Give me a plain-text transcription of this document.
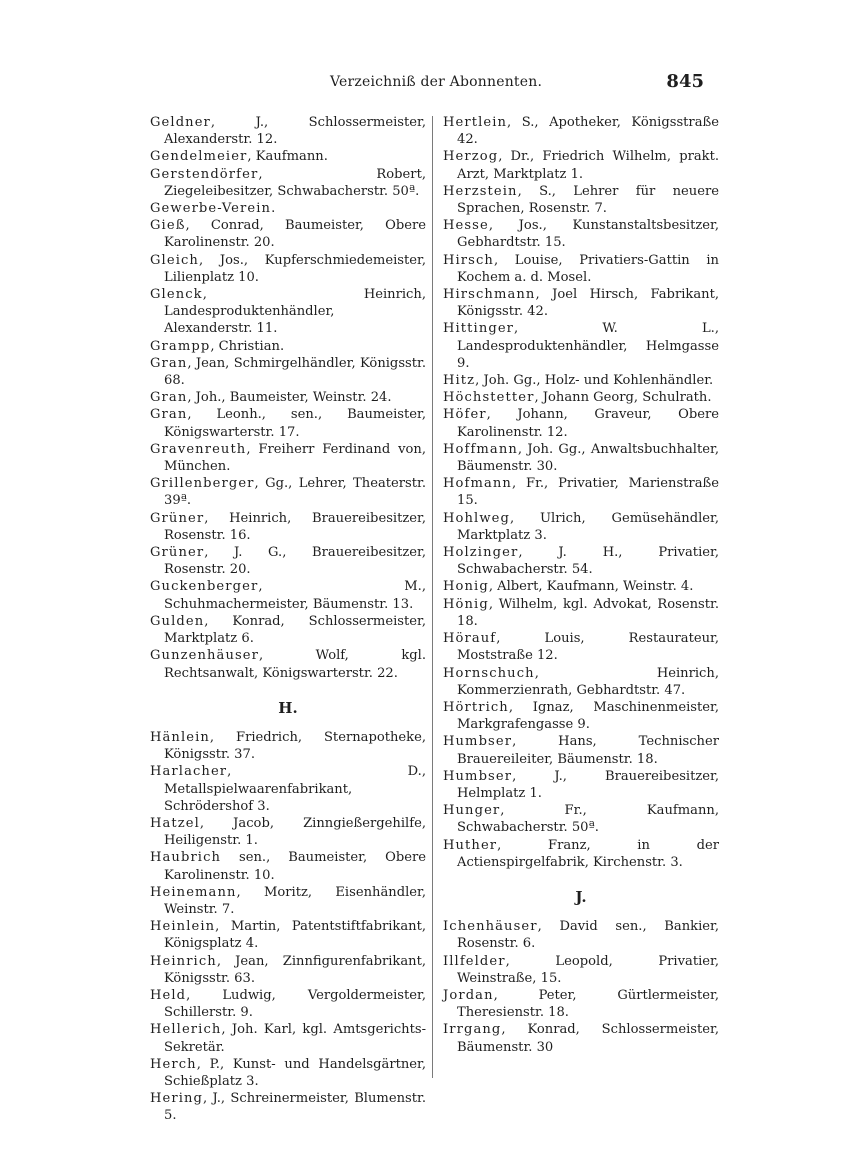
Verzeichniß der Abonnenten.	845

Geldner, J., Schlossermeister, Alexanderstr. 12.

Gendelmeier, Kaufmann.

Gerstendörfer, Robert, Ziegeleibesitzer, Schwabacherstr. 50ª.

Gewerbe-Verein.

Gieß, Conrad, Baumeister, Obere Karolinenstr. 20.

Gleich, Jos., Kupferschmiedemeister, Lilienplatz 10.

Glenck, Heinrich, Landesproduktenhändler, Alexanderstr. 11.

Grampp, Christian.

Gran, Jean, Schmirgelhändler, Königsstr. 68.

Gran, Joh., Baumeister, Weinstr. 24.

Gran, Leonh., sen., Baumeister, Königswarterstr. 17.

Gravenreuth, Freiherr Ferdinand von, München.

Grillenberger, Gg., Lehrer, Theaterstr. 39ª.

Grüner, Heinrich, Brauereibesitzer, Rosenstr. 16.

Grüner, J. G., Brauereibesitzer, Rosenstr. 20.

Guckenberger, M., Schuhmachermeister, Bäumenstr. 13.

Gulden, Konrad, Schlossermeister, Marktplatz 6.

Gunzenhäuser, Wolf, kgl. Rechtsanwalt, Königswarterstr. 22.

H.

Hänlein, Friedrich, Sternapotheke, Königsstr. 37.

Harlacher, D., Metallspielwaarenfabrikant, Schrödershof 3.

Hatzel, Jacob, Zinngießergehilfe, Heiligenstr. 1.

Haubrich sen., Baumeister, Obere Karolinenstr. 10.

Heinemann, Moritz, Eisenhändler, Weinstr. 7.

Heinlein, Martin, Patentstiftfabrikant, Königsplatz 4.

Heinrich, Jean, Zinnfigurenfabrikant, Königsstr. 63.

Held, Ludwig, Vergoldermeister, Schillerstr. 9.

Hellerich, Joh. Karl, kgl. Amtsgerichts-Sekretär.

Herch, P., Kunst- und Handelsgärtner, Schießplatz 3.

Hering, J., Schreinermeister, Blumenstr. 5.

Hertlein, S., Apotheker, Königsstraße 42.

Herzog, Dr., Friedrich Wilhelm, prakt. Arzt, Marktplatz 1.

Herzstein, S., Lehrer für neuere Sprachen, Rosenstr. 7.

Hesse, Jos., Kunstanstaltsbesitzer, Gebhardtstr. 15.

Hirsch, Louise, Privatiers-Gattin in Kochem a. d. Mosel.

Hirschmann, Joel Hirsch, Fabrikant, Königsstr. 42.

Hittinger, W. L., Landesproduktenhändler, Helmgasse 9.

Hitz, Joh. Gg., Holz- und Kohlenhändler.

Höchstetter, Johann Georg, Schulrath.

Höfer, Johann, Graveur, Obere Karolinenstr. 12.

Hoffmann, Joh. Gg., Anwaltsbuchhalter, Bäumenstr. 30.

Hofmann, Fr., Privatier, Marienstraße 15.

Hohlweg, Ulrich, Gemüsehändler, Marktplatz 3.

Holzinger, J. H., Privatier, Schwabacherstr. 54.

Honig, Albert, Kaufmann, Weinstr. 4.

Hönig, Wilhelm, kgl. Advokat, Rosenstr. 18.

Hörauf, Louis, Restaurateur, Moststraße 12.

Hornschuch, Heinrich, Kommerzienrath, Gebhardtstr. 47.

Hörtrich, Ignaz, Maschinenmeister, Markgrafengasse 9.

Humbser, Hans, Technischer Brauereileiter, Bäumenstr. 18.

Humbser, J., Brauereibesitzer, Helmplatz 1.

Hunger, Fr., Kaufmann, Schwabacherstr. 50ª.

Huther, Franz, in der Actienspirgelfabrik, Kirchenstr. 3.

J.

Ichenhäuser, David sen., Bankier, Rosenstr. 6.

Illfelder, Leopold, Privatier, Weinstraße, 15.

Jordan, Peter, Gürtlermeister, Theresienstr. 18.

Irrgang, Konrad, Schlossermeister, Bäumenstr. 30
